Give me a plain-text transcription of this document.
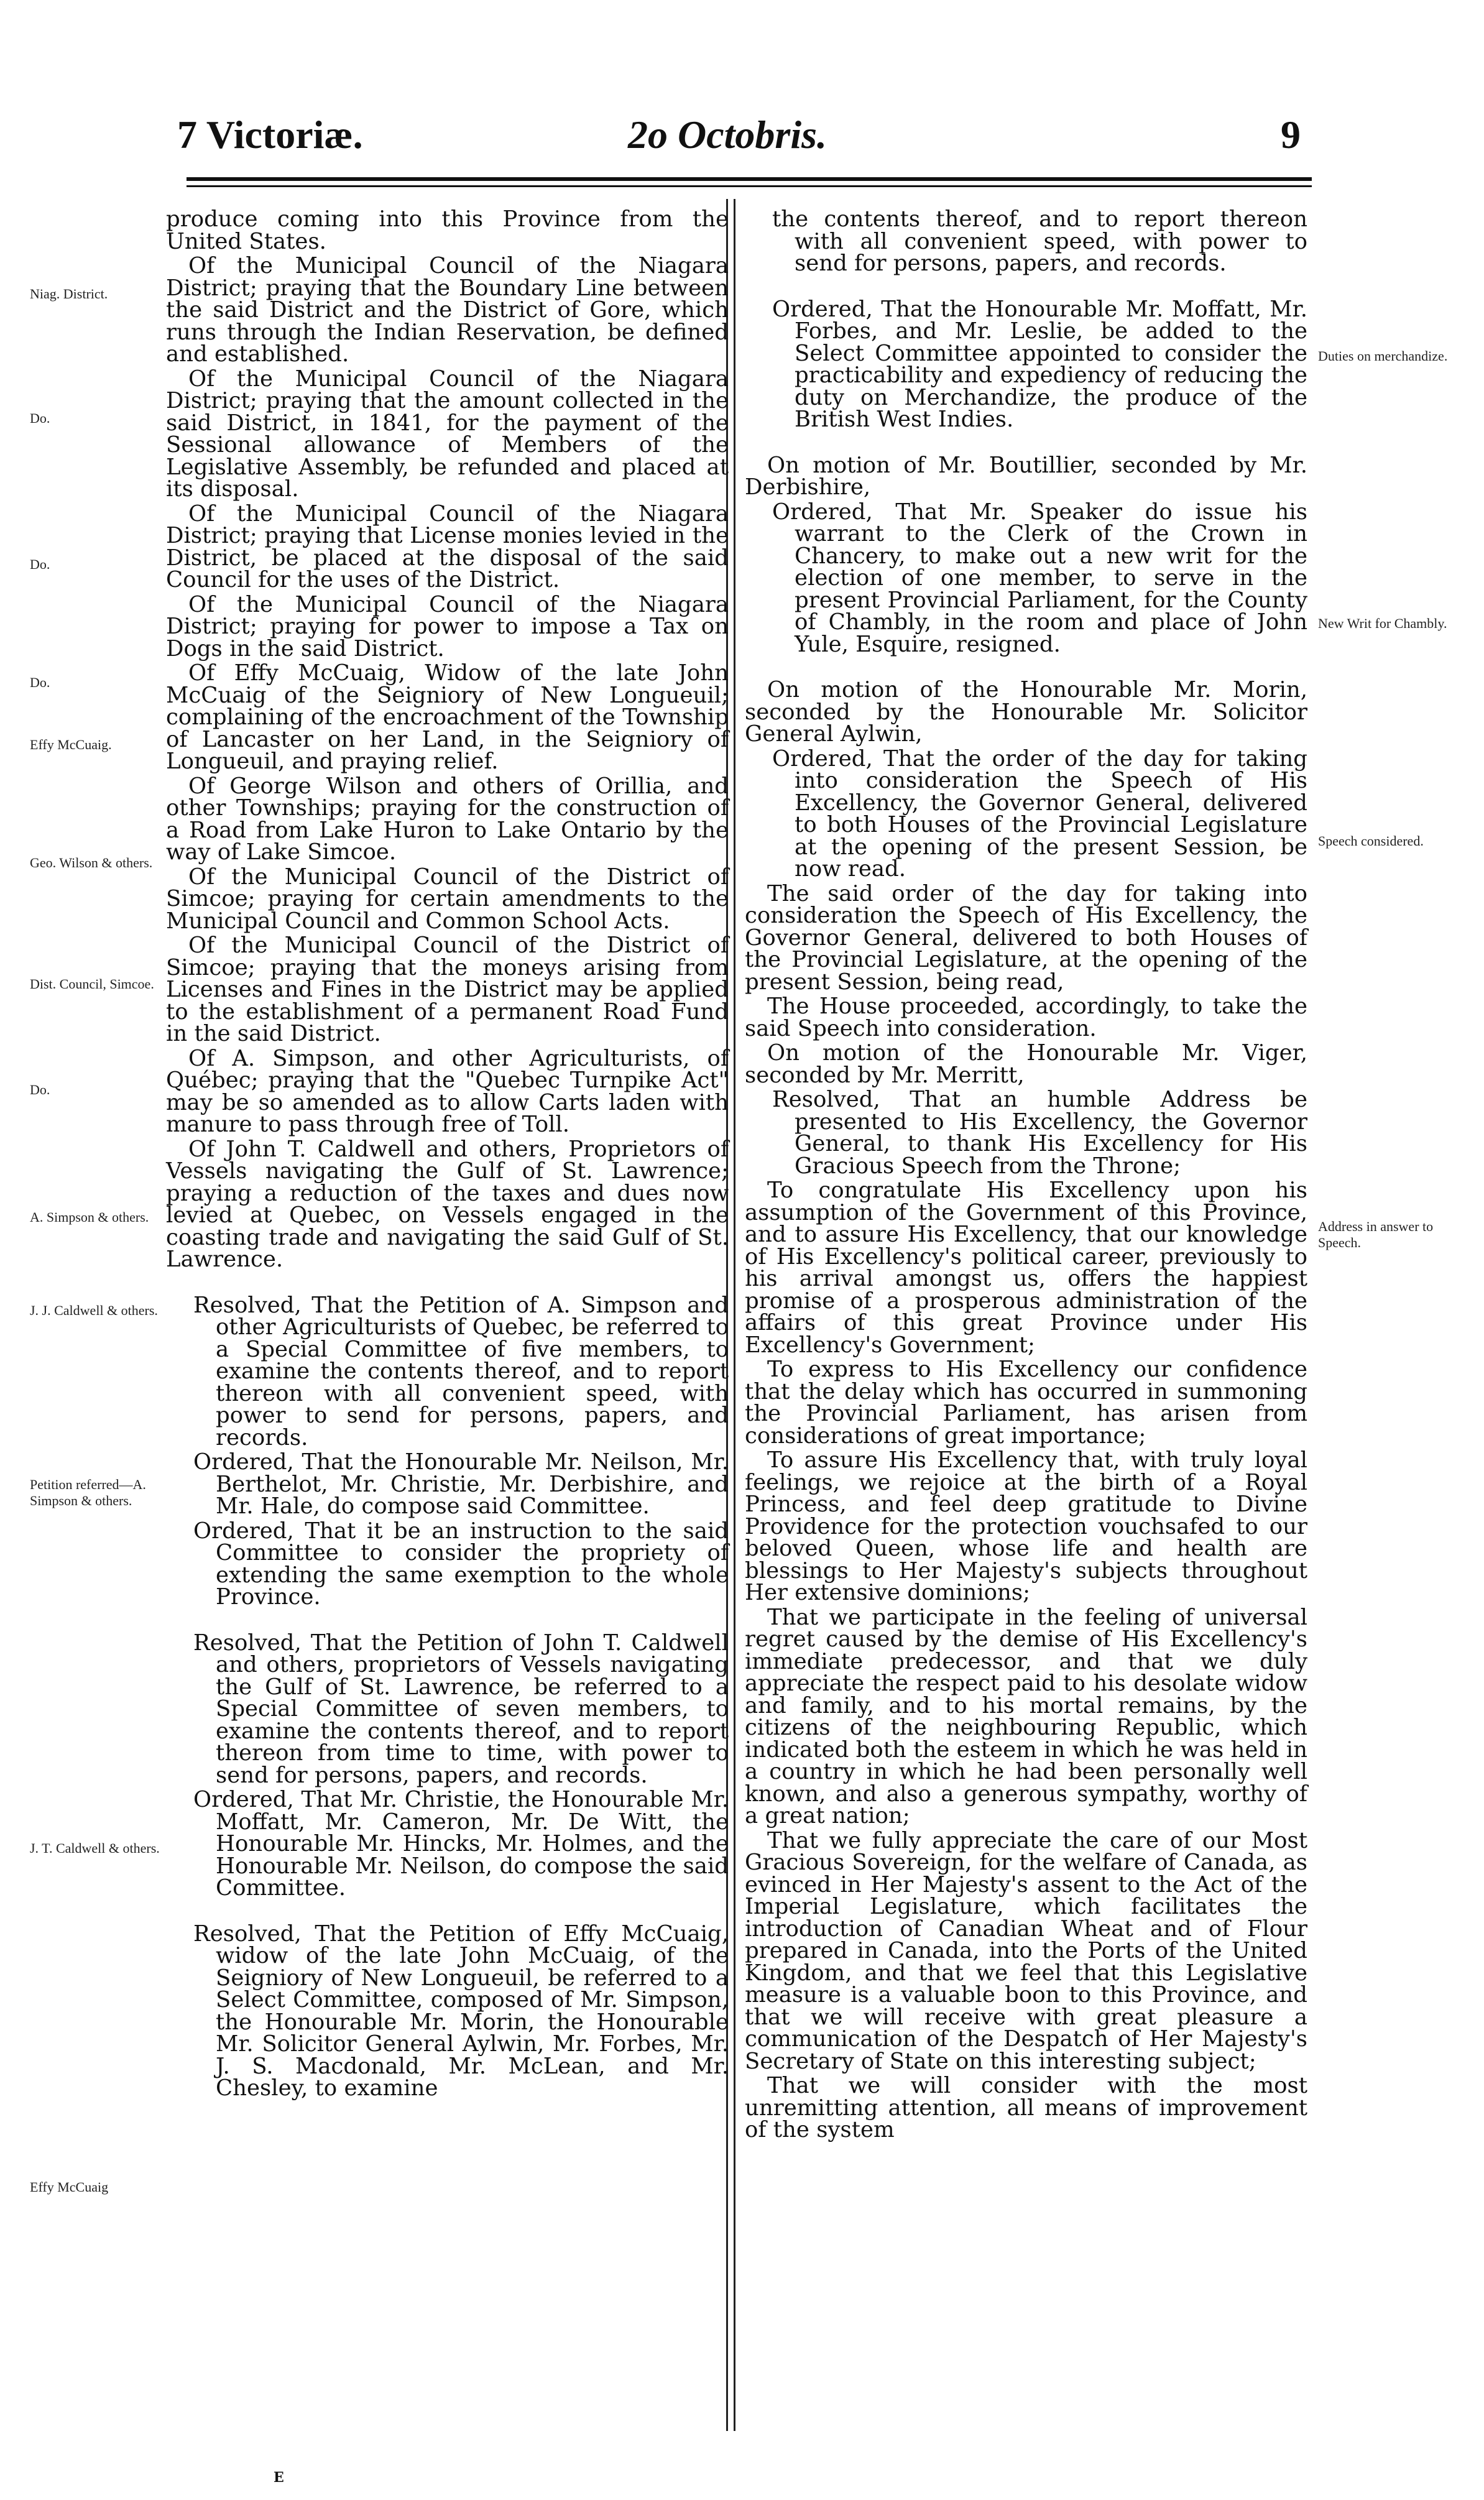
7 Victoriæ.	2o Octobris.	9

produce coming into this Province from the United States.

Of the Municipal Council of the Niagara District; praying that the Boundary Line between the said District and the District of Gore, which runs through the Indian Reservation, be defined and established.

Of the Municipal Council of the Niagara District; praying that the amount collected in the said District, in 1841, for the payment of the Sessional allowance of Members of the Legislative Assembly, be refunded and placed at its disposal.

Of the Municipal Council of the Niagara District; praying that License monies levied in the District, be placed at the disposal of the said Council for the uses of the District.

Of the Municipal Council of the Niagara District; praying for power to impose a Tax on Dogs in the said District.

Of Effy McCuaig, Widow of the late John McCuaig of the Seigniory of New Longueuil; complaining of the encroachment of the Township of Lancaster on her Land, in the Seigniory of Longueuil, and praying relief.

Of George Wilson and others of Orillia, and other Townships; praying for the construction of a Road from Lake Huron to Lake Ontario by the way of Lake Simcoe.

Of the Municipal Council of the District of Simcoe; praying for certain amendments to the Municipal Council and Common School Acts.

Of the Municipal Council of the District of Simcoe; praying that the moneys arising from Licenses and Fines in the District may be applied to the establishment of a permanent Road Fund in the said District.

Of A. Simpson, and other Agriculturists, of Québec; praying that the "Quebec Turnpike Act" may be so amended as to allow Carts laden with manure to pass through free of Toll.

Of John T. Caldwell and others, Proprietors of Vessels navigating the Gulf of St. Lawrence; praying a reduction of the taxes and dues now levied at Quebec, on Vessels engaged in the coasting trade and navigating the said Gulf of St. Lawrence.

Resolved, That the Petition of A. Simpson and other Agriculturists of Quebec, be referred to a Special Committee of five members, to examine the contents thereof, and to report thereon with all convenient speed, with power to send for persons, papers, and records.

Ordered, That the Honourable Mr. Neilson, Mr. Berthelot, Mr. Christie, Mr. Derbishire, and Mr. Hale, do compose said Committee.

Ordered, That it be an instruction to the said Committee to consider the propriety of extending the same exemption to the whole Province.

Resolved, That the Petition of John T. Caldwell and others, proprietors of Vessels navigating the Gulf of St. Lawrence, be referred to a Special Committee of seven members, to examine the contents thereof, and to report thereon from time to time, with power to send for persons, papers, and records.

Ordered, That Mr. Christie, the Honourable Mr. Moffatt, Mr. Cameron, Mr. De Witt, the Honourable Mr. Hincks, Mr. Holmes, and the Honourable Mr. Neilson, do compose the said Committee.

Resolved, That the Petition of Effy McCuaig, widow of the late John McCuaig, of the Seigniory of New Longueuil, be referred to a Select Committee, composed of Mr. Simpson, the Honourable Mr. Morin, the Honourable Mr. Solicitor General Aylwin, Mr. Forbes, Mr. J. S. Macdonald, Mr. McLean, and Mr. Chesley, to examine

the contents thereof, and to report thereon with all convenient speed, with power to send for persons, papers, and records.

Ordered, That the Honourable Mr. Moffatt, Mr. Forbes, and Mr. Leslie, be added to the Select Committee appointed to consider the practicability and expediency of reducing the duty on Merchandize, the produce of the British West Indies.

On motion of Mr. Boutillier, seconded by Mr. Derbishire,

Ordered, That Mr. Speaker do issue his warrant to the Clerk of the Crown in Chancery, to make out a new writ for the election of one member, to serve in the present Provincial Parliament, for the County of Chambly, in the room and place of John Yule, Esquire, resigned.

On motion of the Honourable Mr. Morin, seconded by the Honourable Mr. Solicitor General Aylwin,

Ordered, That the order of the day for taking into consideration the Speech of His Excellency, the Governor General, delivered to both Houses of the Provincial Legislature at the opening of the present Session, be now read.

The said order of the day for taking into consideration the Speech of His Excellency, the Governor General, delivered to both Houses of the Provincial Legislature, at the opening of the present Session, being read,

The House proceeded, accordingly, to take the said Speech into consideration.

On motion of the Honourable Mr. Viger, seconded by Mr. Merritt,

Resolved, That an humble Address be presented to His Excellency, the Governor General, to thank His Excellency for His Gracious Speech from the Throne;

To congratulate His Excellency upon his assumption of the Government of this Province, and to assure His Excellency, that our knowledge of His Excellency's political career, previously to his arrival amongst us, offers the happiest promise of a prosperous administration of the affairs of this great Province under His Excellency's Government;

To express to His Excellency our confidence that the delay which has occurred in summoning the Provincial Parliament, has arisen from considerations of great importance;

To assure His Excellency that, with truly loyal feelings, we rejoice at the birth of a Royal Princess, and feel deep gratitude to Divine Providence for the protection vouchsafed to our beloved Queen, whose life and health are blessings to Her Majesty's subjects throughout Her extensive dominions;

That we participate in the feeling of universal regret caused by the demise of His Excellency's immediate predecessor, and that we duly appreciate the respect paid to his desolate widow and family, and to his mortal remains, by the citizens of the neighbouring Republic, which indicated both the esteem in which he was held in a country in which he had been personally well known, and also a generous sympathy, worthy of a great nation;

That we fully appreciate the care of our Most Gracious Sovereign, for the welfare of Canada, as evinced in Her Majesty's assent to the Act of the Imperial Legislature, which facilitates the introduction of Canadian Wheat and of Flour prepared in Canada, into the Ports of the United Kingdom, and that we feel that this Legislative measure is a valuable boon to this Province, and that we will receive with great pleasure a communication of the Despatch of Her Majesty's Secretary of State on this interesting subject;

That we will consider with the most unremitting attention, all means of improvement of the system

Niag. District.
Do.
Do.
Do.
Effy McCuaig.
Geo. Wilson & others.
Dist. Council, Simcoe.
Do.
A. Simpson & others.
J. J. Caldwell & others.
Petition referred—A. Simpson & others.
J. T. Caldwell & others.
Effy McCuaig
Duties on merchandize.
New Writ for Chambly.
Speech considered.
Address in answer to Speech.
E
